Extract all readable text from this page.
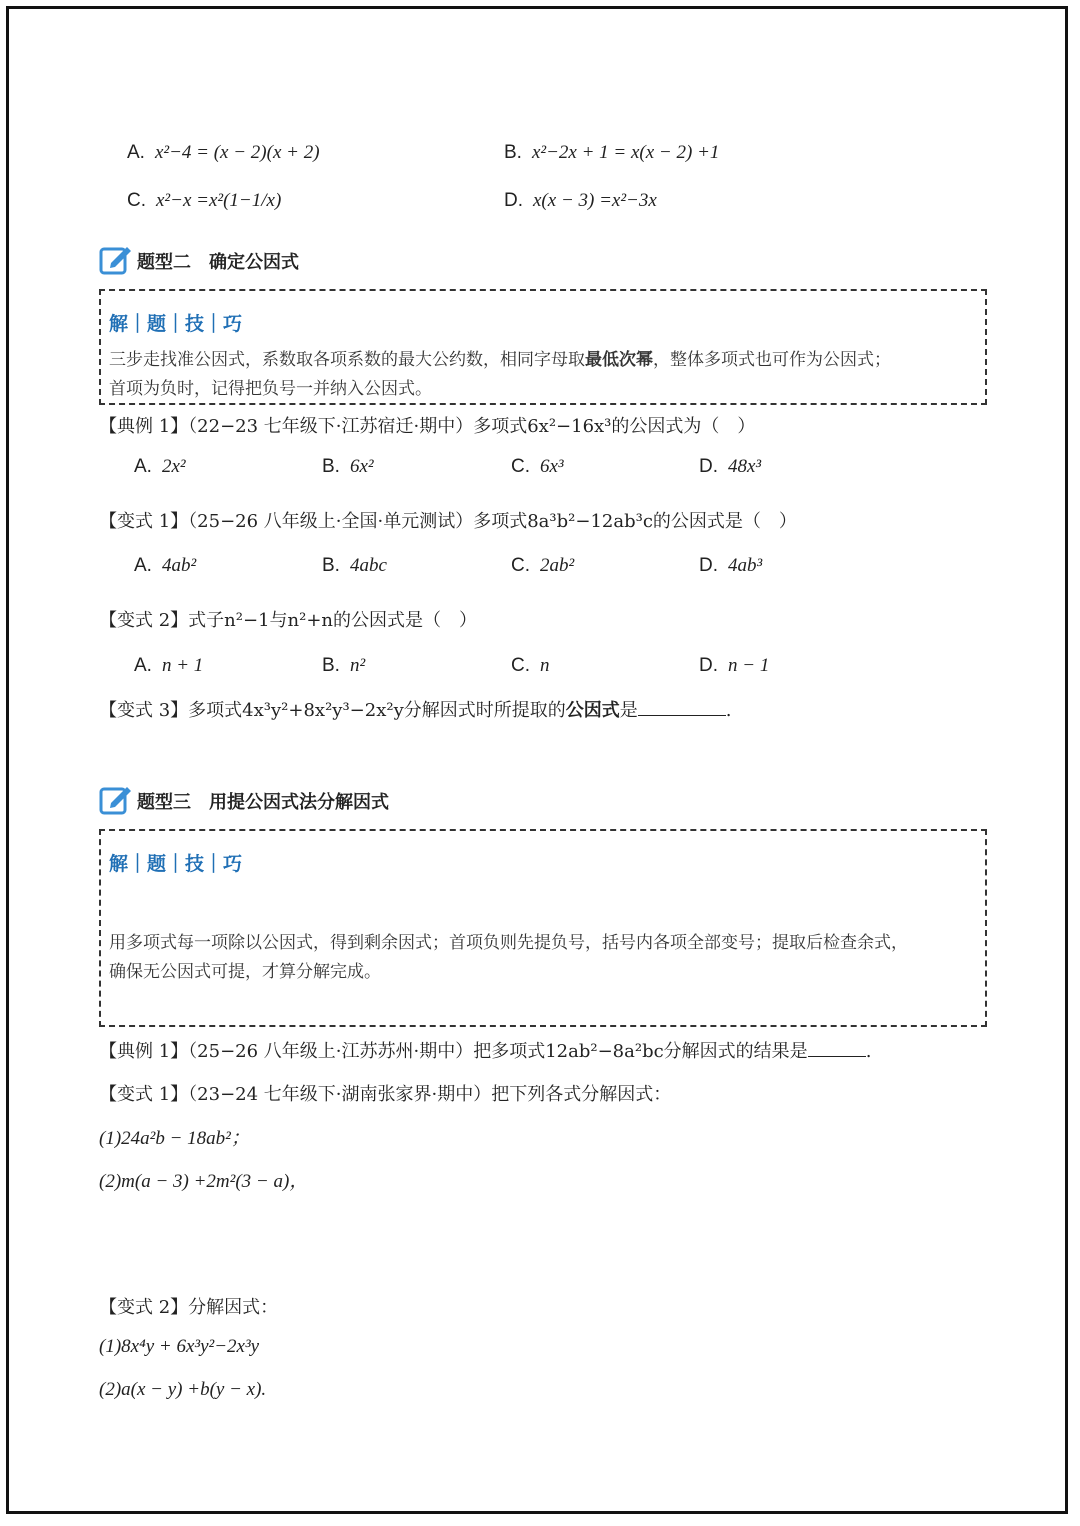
A. x²−4 = (x − 2)(x + 2)	B. x²−2x + 1 = x(x − 2) +1
C. x²−x =x²(1−1/x)	D. x(x − 3) =x²−3x
题型二　确定公因式
解｜题｜技｜巧
三步走找准公因式，系数取各项系数的最大公约数，相同字母取最低次幂，整体多项式也可作为公因式；
首项为负时，记得把负号一并纳入公因式。
【典例 1】（22−23 七年级下·江苏宿迁·期中）多项式6x²−16x³的公因式为（　）
A. 2x²	B. 6x²	C. 6x³	D. 48x³
【变式 1】（25−26 八年级上·全国·单元测试）多项式8a³b²−12ab³c的公因式是（　）
A. 4ab²	B. 4abc	C. 2ab²	D. 4ab³
【变式 2】式子n²−1与n²+n的公因式是（　）
A. n + 1	B. n²	C. n	D. n − 1
【变式 3】多项式4x³y²+8x²y³−2x²y分解因式时所提取的公因式是	.
题型三　用提公因式法分解因式
解｜题｜技｜巧
用多项式每一项除以公因式，得到剩余因式；首项负则先提负号，括号内各项全部变号；提取后检查余式，
确保无公因式可提，才算分解完成。
【典例 1】（25−26 八年级上·江苏苏州·期中）把多项式12ab²−8a²bc分解因式的结果是	.
【变式 1】（23−24 七年级下·湖南张家界·期中）把下列各式分解因式：
(1)24a²b − 18ab²；
(2)m(a − 3) +2m²(3 − a)，
【变式 2】分解因式：
(1)8x⁴y + 6x³y²−2x³y
(2)a(x − y) +b(y − x).
